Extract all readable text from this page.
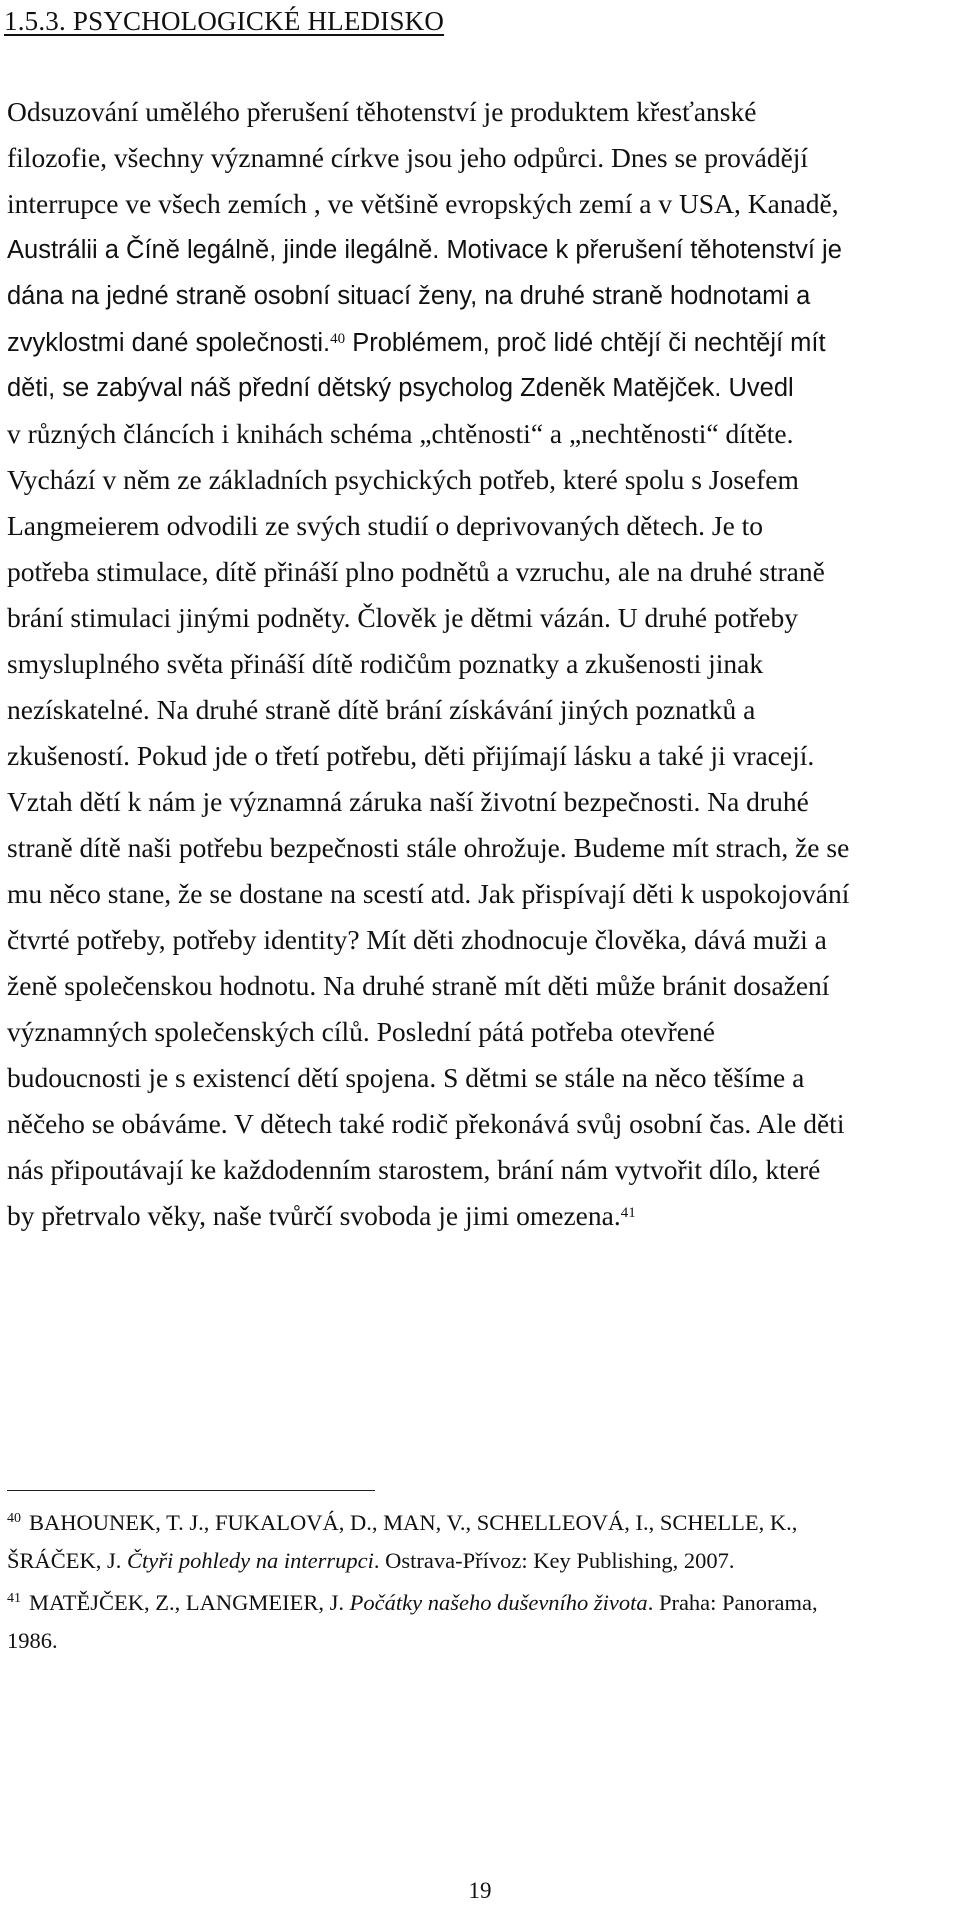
1.5.3. PSYCHOLOGICKÉ HLEDISKO
Odsuzování umělého přerušení těhotenství je produktem křesťanské
filozofie, všechny významné církve jsou jeho odpůrci. Dnes se provádějí
interrupce ve všech zemích , ve většině evropských zemí a v USA, Kanadě,
Austrálii a Číně legálně, jinde ilegálně. Motivace k přerušení těhotenství je
dána na jedné straně osobní situací ženy, na druhé straně hodnotami a
zvyklostmi dané společnosti.$^{40}$ Problémem, proč lidé chtějí či nechtějí mít
děti, se zabýval náš přední dětský psycholog Zdeněk Matějček. Uvedl
v různých článcích i knihách schéma „chtěnosti“ a „nechtěnosti“ dítěte.
Vychází v něm ze základních psychických potřeb, které spolu s Josefem
Langmeierem odvodili ze svých studií o deprivovaných dětech. Je to
potřeba stimulace, dítě přináší plno podnětů a vzruchu, ale na druhé straně
brání stimulaci jinými podněty. Člověk je dětmi vázán. U druhé potřeby
smysluplného světa přináší dítě rodičům poznatky a zkušenosti jinak
nezískatelné. Na druhé straně dítě brání získávání jiných poznatků a
zkušeností. Pokud jde o třetí potřebu, děti přijímají lásku a také ji vracejí.
Vztah dětí k nám je významná záruka naší životní bezpečnosti. Na druhé
straně dítě naši potřebu bezpečnosti stále ohrožuje. Budeme mít strach, že se
mu něco stane, že se dostane na scestí atd. Jak přispívají děti k uspokojování
čtvrté potřeby, potřeby identity? Mít děti zhodnocuje člověka, dává muži a
ženě společenskou hodnotu. Na druhé straně mít děti může bránit dosažení
významných společenských cílů. Poslední pátá potřeba otevřené
budoucnosti je s existencí dětí spojena. S dětmi se stále na něco těšíme a
něčeho se obáváme. V dětech také rodič překonává svůj osobní čas. Ale děti
nás připoutávají ke každodenním starostem, brání nám vytvořit dílo, které
by přetrvalo věky, naše tvůrčí svoboda je jimi omezena.$^{41}$
$^{40}$ BAHOUNEK, T. J., FUKALOVÁ, D., MAN, V., SCHELLEOVÁ, I., SCHELLE, K.,
ŠRÁČEK, J. Čtyři pohledy na interrupci. Ostrava-Přívoz: Key Publishing, 2007.
$^{41}$ MATĚJČEK, Z., LANGMEIER, J. Počátky našeho duševního života. Praha: Panorama,
1986.
19
